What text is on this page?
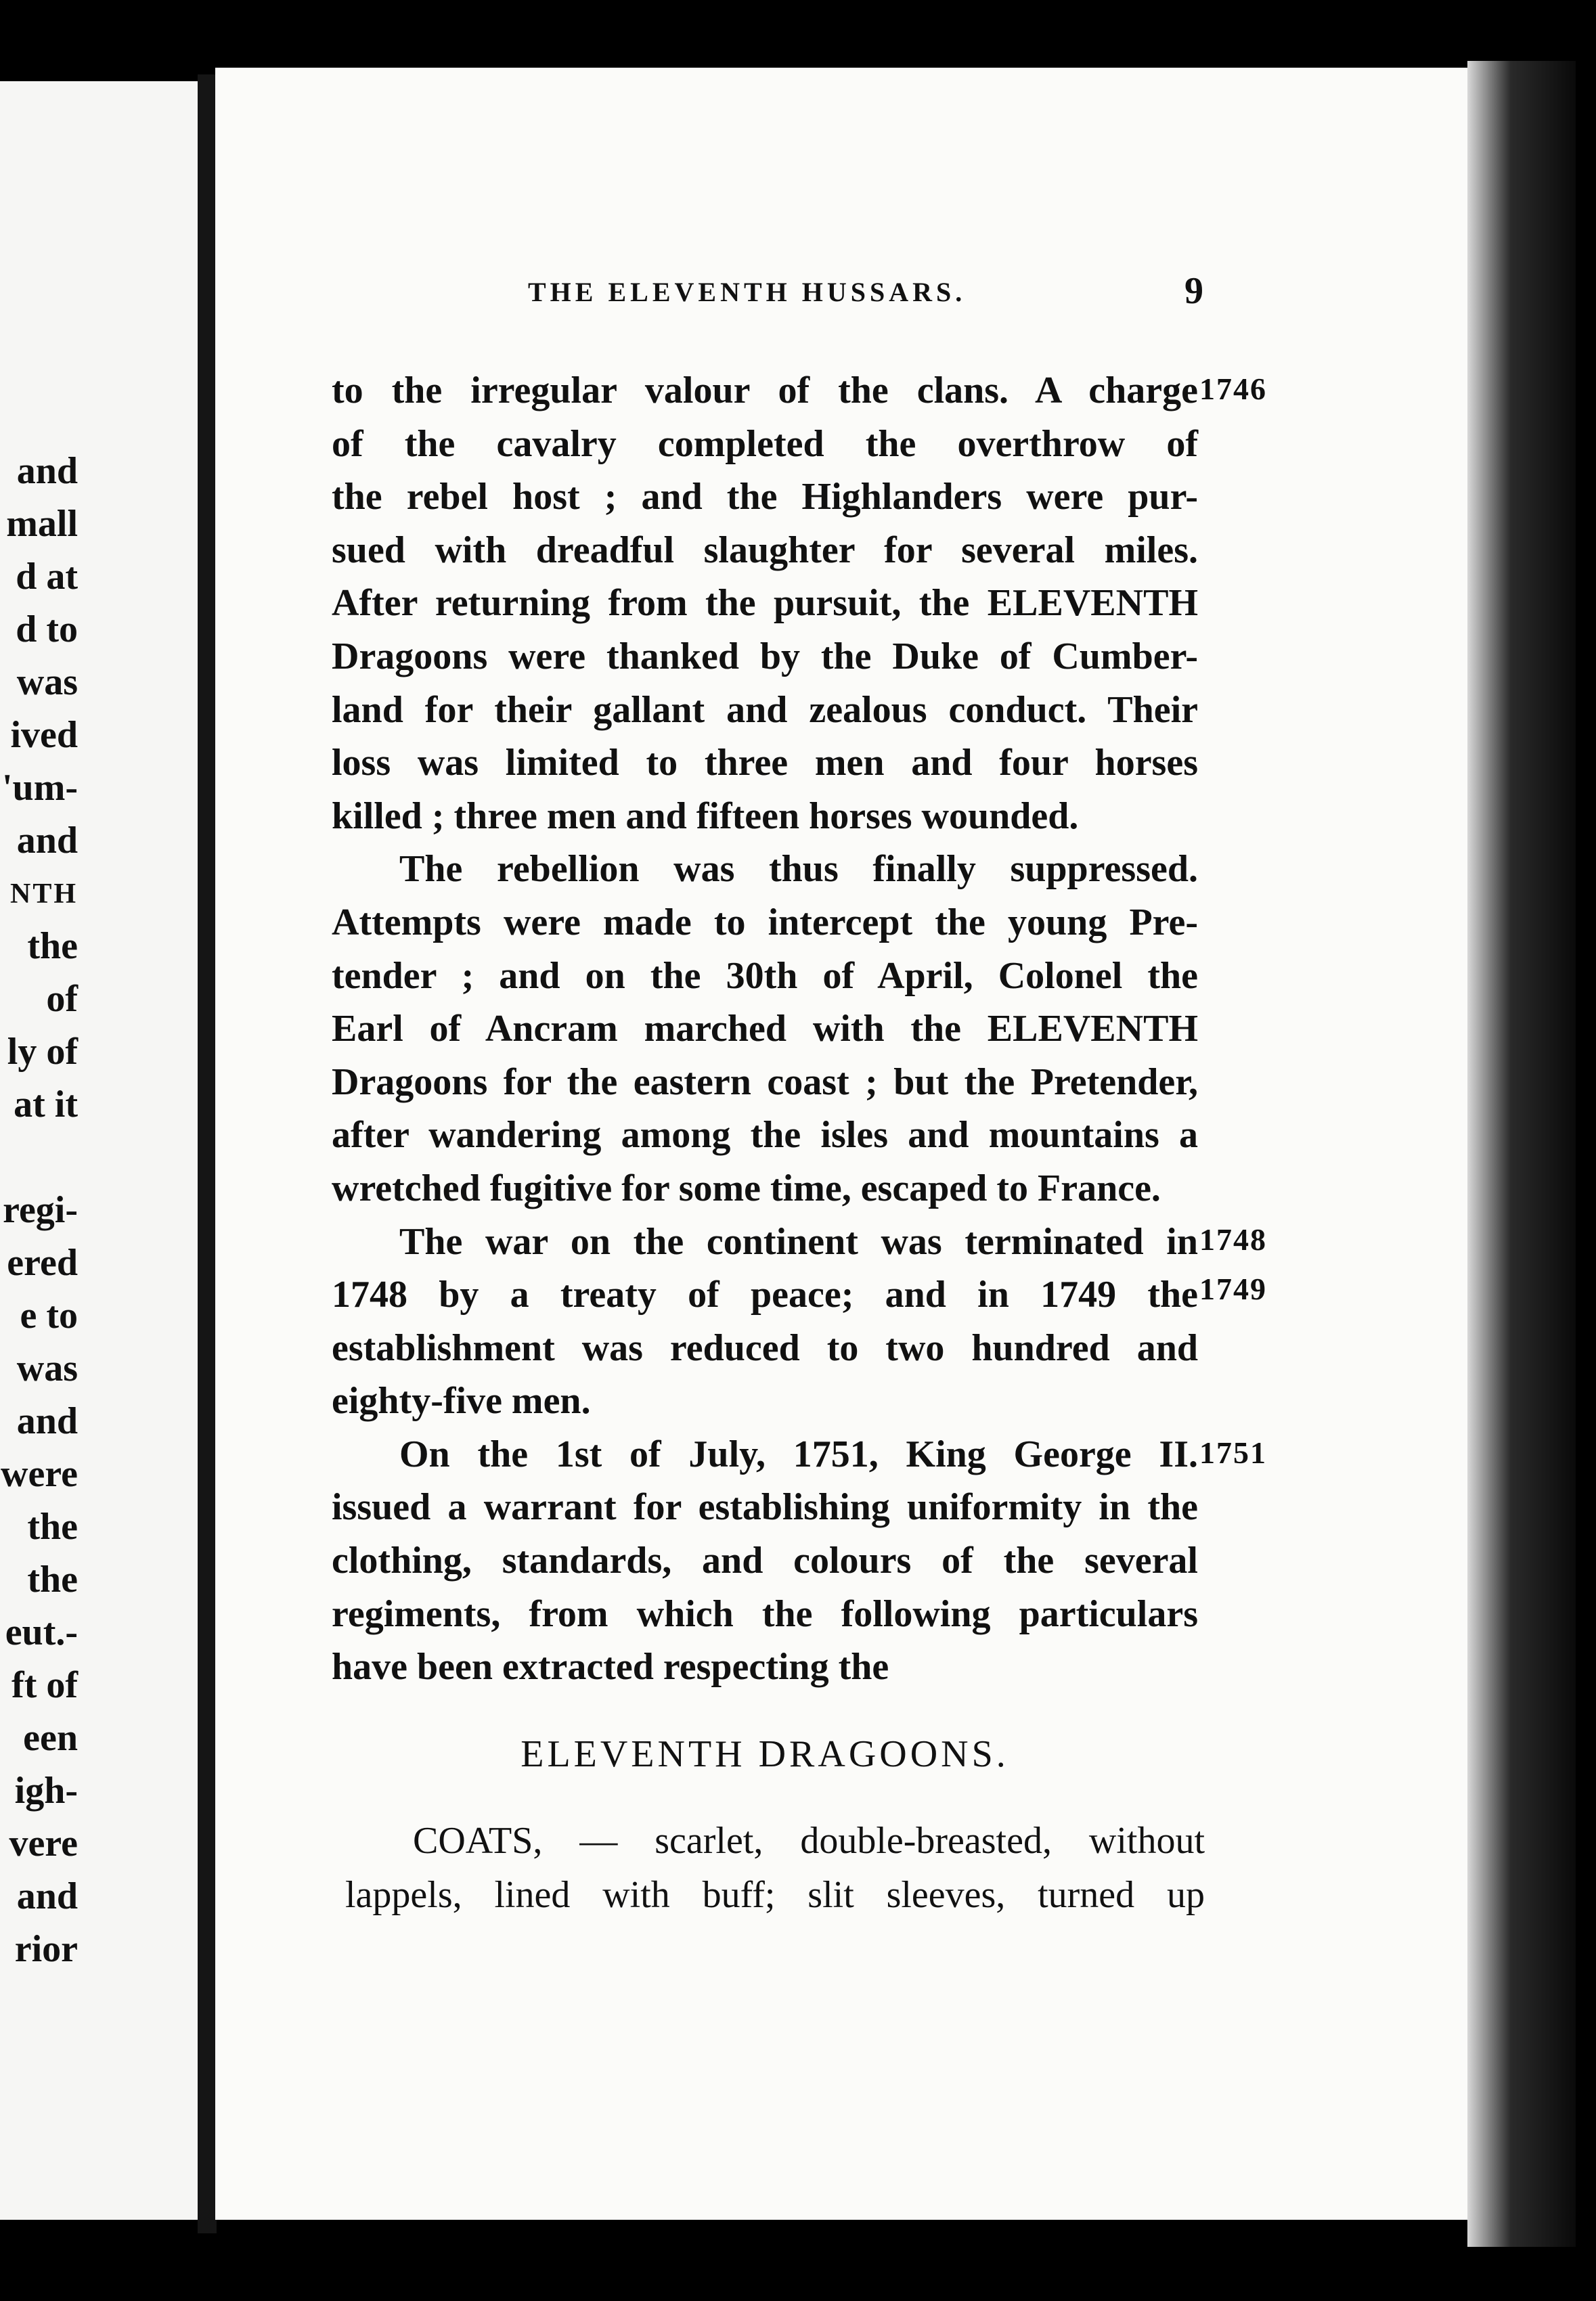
and
mall
d at
d to
was
ived
'um-
and
NTH
the
of
ly of
at it
regi-
ered
e to
was
and
were
the
the
eut.-
ft of
een
igh-
vere
and
rior
THE ELEVENTH HUSSARS.	9
to the irregular valour of the clans. A charge
of the cavalry completed the overthrow of
the rebel host ; and the Highlanders were pur-
sued with dreadful slaughter for several miles.
After returning from the pursuit, the ELEVENTH
Dragoons were thanked by the Duke of Cumber-
land for their gallant and zealous conduct. Their
loss was limited to three men and four horses
killed ; three men and fifteen horses wounded.
The rebellion was thus finally suppressed.
Attempts were made to intercept the young Pre-
tender ; and on the 30th of April, Colonel the
Earl of Ancram marched with the ELEVENTH
Dragoons for the eastern coast ; but the Pretender,
after wandering among the isles and mountains a
wretched fugitive for some time, escaped to France.
The war on the continent was terminated in
1748 by a treaty of peace; and in 1749 the
establishment was reduced to two hundred and
eighty-five men.
On the 1st of July, 1751, King George II.
issued a warrant for establishing uniformity in the
clothing, standards, and colours of the several
regiments, from which the following particulars
have been extracted respecting the
1746
1748
1749
1751
ELEVENTH DRAGOONS.
COATS, — scarlet, double-breasted, without
lappels, lined with buff; slit sleeves, turned up
